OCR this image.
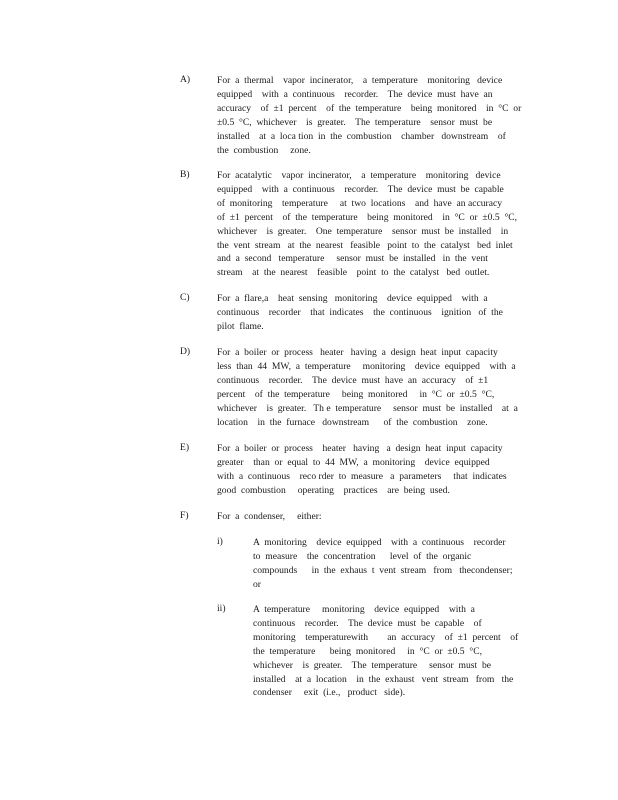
A)	For  a  thermal    vapor  incinerator,    a  temperature    monitoring   device
equipped    with  a  continuous    recorder.    The  device  must  have  an
accuracy    of  ±1  percent    of  the  temperature    being  monitored    in  °C  or
±0.5  °C,  whichever    is  greater.    The  temperature    sensor  must  be
installed    at  a  loca tion  in  the  combustion    chamber   downstream    of
the  combustion     zone.
B)	For  acatalytic    vapor  incinerator,    a  temperature    monitoring   device
equipped    with  a  continuous    recorder.    The  device  must  be  capable
of  monitoring    temperature     at  two  locations    and  have  an accuracy
of  ±1  percent    of  the  temperature    being  monitored    in  °C  or  ±0.5  °C,
whichever    is  greater.    One  temperature    sensor  must  be  installed    in
the  vent  stream   at  the  nearest   feasible   point  to  the  catalyst   bed  inlet
and  a  second   temperature     sensor  must  be  installed   in  the  vent
stream    at  the  nearest    feasible    point  to  the  catalyst   bed  outlet.
C)	For  a  flare,a    heat  sensing   monitoring    device  equipped    with  a
continuous    recorder    that  indicates    the  continuous    ignition   of  the
pilot  flame.
D)	For  a  boiler  or  process   heater   having  a  design  heat  input  capacity
less  than  44  MW,  a  temperature     monitoring    device  equipped    with  a
continuous    recorder.    The  device  must  have  an  accuracy    of  ±1
percent    of  the  temperature     being  monitored     in  °C  or  ±0.5  °C,
whichever    is  greater.   Th e  temperature     sensor  must  be  installed    at  a
location    in  the  furnace   downstream      of  the  combustion    zone.
E)	For  a  boiler  or  process    heater   having   a  design  heat  input  capacity
greater    than  or  equal  to  44  MW,  a  monitoring    device  equipped
with  a  continuous    reco rder  to  measure   a  parameters     that  indicates
good  combustion     operating    practices    are  being  used.
F)	For  a  condenser,     either:
i)	A  monitoring    device  equipped    with  a  continuous    recorder
to  measure    the  concentration      level  of  the  organic
compounds      in  the  exhaus  t  vent  stream   from   thecondenser;
or
ii)	A  temperature     monitoring    device  equipped    with  a
continuous    recorder.    The  device  must  be  capable    of
monitoring    temperaturewith        an  accuracy    of  ±1  percent    of
the  temperature      being  monitored     in  °C  or  ±0.5  °C,
whichever    is  greater.    The  temperature     sensor  must  be
installed    at  a  location    in  the  exhaust   vent  stream   from   the
condenser     exit  (i.e.,   product   side).
